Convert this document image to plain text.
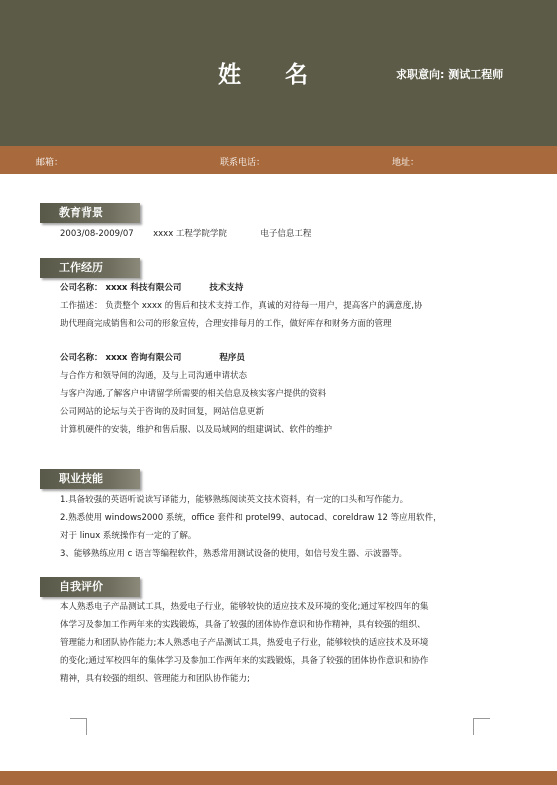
姓 名	求职意向: 测试工程师
邮箱：	联系电话：	地址：
教育背景
2003/08-2009/07 xxxx 工程学院学院	电子信息工程
工作经历
公司名称： xxxx 科技有限公司	技术支持
工作描述： 负责整个 xxxx 的售后和技术支持工作，真诚的对待每一用户，提高客户的满意度,协
助代理商完成销售和公司的形象宣传，合理安排每月的工作，做好库存和财务方面的管理
公司名称： xxxx 咨询有限公司	程序员
与合作方和领导间的沟通，及与上司沟通申请状态
与客户沟通,了解客户申请留学所需要的相关信息及核实客户提供的资料
公司网站的论坛与关于咨询的及时回复，网站信息更新
计算机硬件的安装，维护和售后服、以及局域网的组建调试、软件的维护
职业技能
1.具备较强的英语听说读写译能力，能够熟练阅读英文技术资料，有一定的口头和写作能力。
2.熟悉使用 windows2000 系统，office 套件和 protel99、autocad、coreldraw 12 等应用软件，
对于 linux 系统操作有一定的了解。
3、能够熟练应用 c 语言等编程软件，熟悉常用测试设备的使用，如信号发生器、示波器等。
自我评价
本人熟悉电子产品测试工具，热爱电子行业，能够较快的适应技术及环境的变化;通过军校四年的集
体学习及参加工作两年来的实践锻炼，具备了较强的团体协作意识和协作精神，具有较强的组织、
管理能力和团队协作能力;本人熟悉电子产品测试工具，热爱电子行业，能够较快的适应技术及环境
的变化;通过军校四年的集体学习及参加工作两年来的实践锻炼，具备了较强的团体协作意识和协作
精神，具有较强的组织、管理能力和团队协作能力;
